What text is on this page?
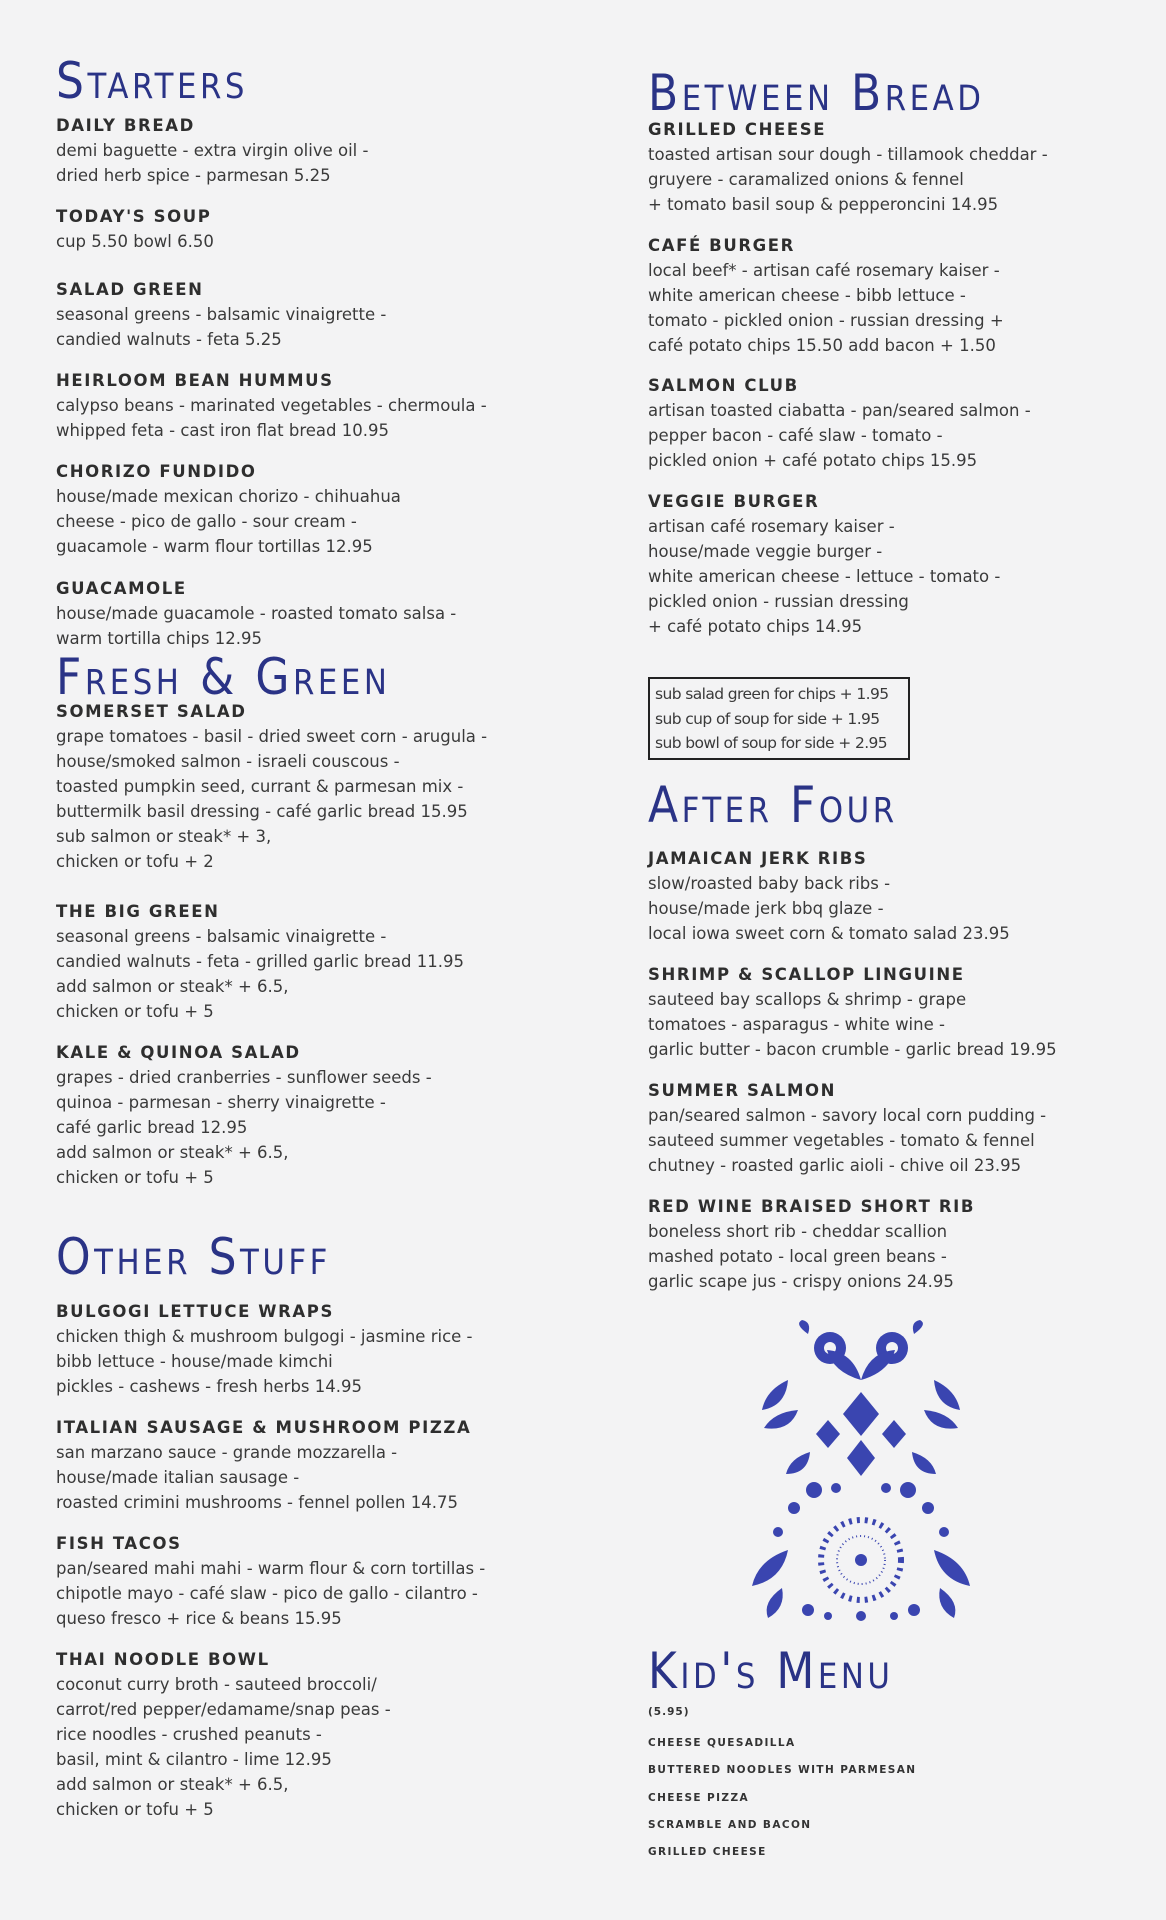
Starters
DAILY BREAD
demi baguette - extra virgin olive oil -
dried herb spice - parmesan 5.25
TODAY'S SOUP
cup 5.50 bowl 6.50
SALAD GREEN
seasonal greens - balsamic vinaigrette -
candied walnuts - feta 5.25
HEIRLOOM BEAN HUMMUS
calypso beans - marinated vegetables - chermoula -
whipped feta - cast iron flat bread 10.95
CHORIZO FUNDIDO
house/made mexican chorizo - chihuahua
cheese - pico de gallo - sour cream -
guacamole - warm flour tortillas 12.95
GUACAMOLE
house/made guacamole - roasted tomato salsa -
warm tortilla chips 12.95
Fresh & Green
SOMERSET SALAD
grape tomatoes - basil - dried sweet corn - arugula -
house/smoked salmon - israeli couscous -
toasted pumpkin seed, currant & parmesan mix -
buttermilk basil dressing - café garlic bread 15.95
sub salmon or steak* + 3,
chicken or tofu + 2
THE BIG GREEN
seasonal greens - balsamic vinaigrette -
candied walnuts - feta - grilled garlic bread 11.95
add salmon or steak* + 6.5,
chicken or tofu + 5
KALE & QUINOA SALAD
grapes - dried cranberries - sunflower seeds -
quinoa - parmesan - sherry vinaigrette -
café garlic bread 12.95
add salmon or steak* + 6.5,
chicken or tofu + 5
Other Stuff
BULGOGI LETTUCE WRAPS
chicken thigh & mushroom bulgogi - jasmine rice -
bibb lettuce - house/made kimchi
pickles - cashews - fresh herbs 14.95
ITALIAN SAUSAGE & MUSHROOM PIZZA
san marzano sauce - grande mozzarella -
house/made italian sausage -
roasted crimini mushrooms - fennel pollen 14.75
FISH TACOS
pan/seared mahi mahi - warm flour & corn tortillas -
chipotle mayo - café slaw - pico de gallo - cilantro -
queso fresco + rice & beans 15.95
THAI NOODLE BOWL
coconut curry broth - sauteed broccoli/
carrot/red pepper/edamame/snap peas -
rice noodles - crushed peanuts -
basil, mint & cilantro - lime 12.95
add salmon or steak* + 6.5,
chicken or tofu + 5
Between Bread
GRILLED CHEESE
toasted artisan sour dough - tillamook cheddar -
gruyere - caramalized onions & fennel
+ tomato basil soup & pepperoncini 14.95
CAFÉ BURGER
local beef* - artisan café rosemary kaiser -
white american cheese - bibb lettuce -
tomato - pickled onion - russian dressing +
café potato chips 15.50 add bacon + 1.50
SALMON CLUB
artisan toasted ciabatta - pan/seared salmon -
pepper bacon - café slaw - tomato -
pickled onion + café potato chips 15.95
VEGGIE BURGER
artisan café rosemary kaiser -
house/made veggie burger -
white american cheese - lettuce - tomato -
pickled onion - russian dressing
+ café potato chips 14.95
After Four
JAMAICAN JERK RIBS
slow/roasted baby back ribs -
house/made jerk bbq glaze -
local iowa sweet corn & tomato salad 23.95
SHRIMP & SCALLOP LINGUINE
sauteed bay scallops & shrimp - grape
tomatoes - asparagus - white wine -
garlic butter - bacon crumble - garlic bread 19.95
SUMMER SALMON
pan/seared salmon - savory local corn pudding -
sauteed summer vegetables - tomato & fennel
chutney - roasted garlic aioli - chive oil 23.95
RED WINE BRAISED SHORT RIB
boneless short rib - cheddar scallion
mashed potato - local green beans -
garlic scape jus - crispy onions 24.95
Kid's Menu
sub salad green for chips + 1.95
sub cup of soup for side + 1.95
sub bowl of soup for side + 2.95
(5.95)
CHEESE QUESADILLA
BUTTERED NOODLES WITH PARMESAN
CHEESE PIZZA
SCRAMBLE AND BACON
GRILLED CHEESE
